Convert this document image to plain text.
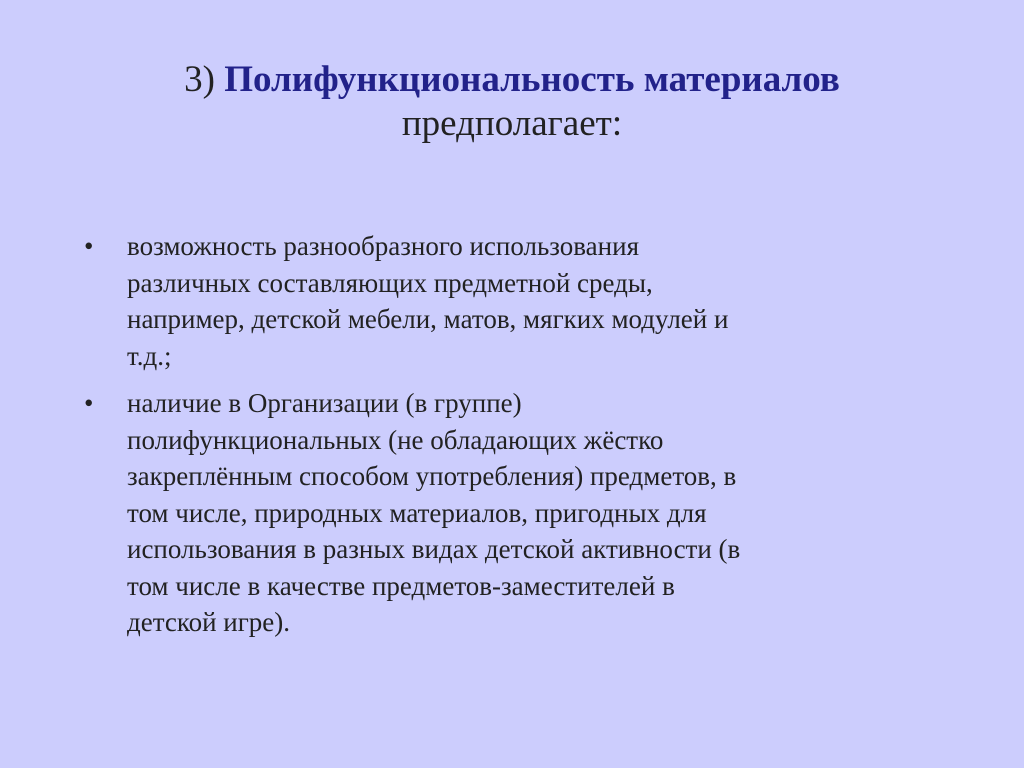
3) Полифункциональность материалов
предполагает:
•	возможность разнообразного использования
различных составляющих предметной среды,
например, детской мебели, матов, мягких модулей и
т.д.;
•	наличие в Организации (в группе)
полифункциональных (не обладающих жёстко
закреплённым способом употребления) предметов, в
том числе, природных материалов, пригодных для
использования в разных видах детской активности (в
том числе в качестве предметов-заместителей в
детской игре).
